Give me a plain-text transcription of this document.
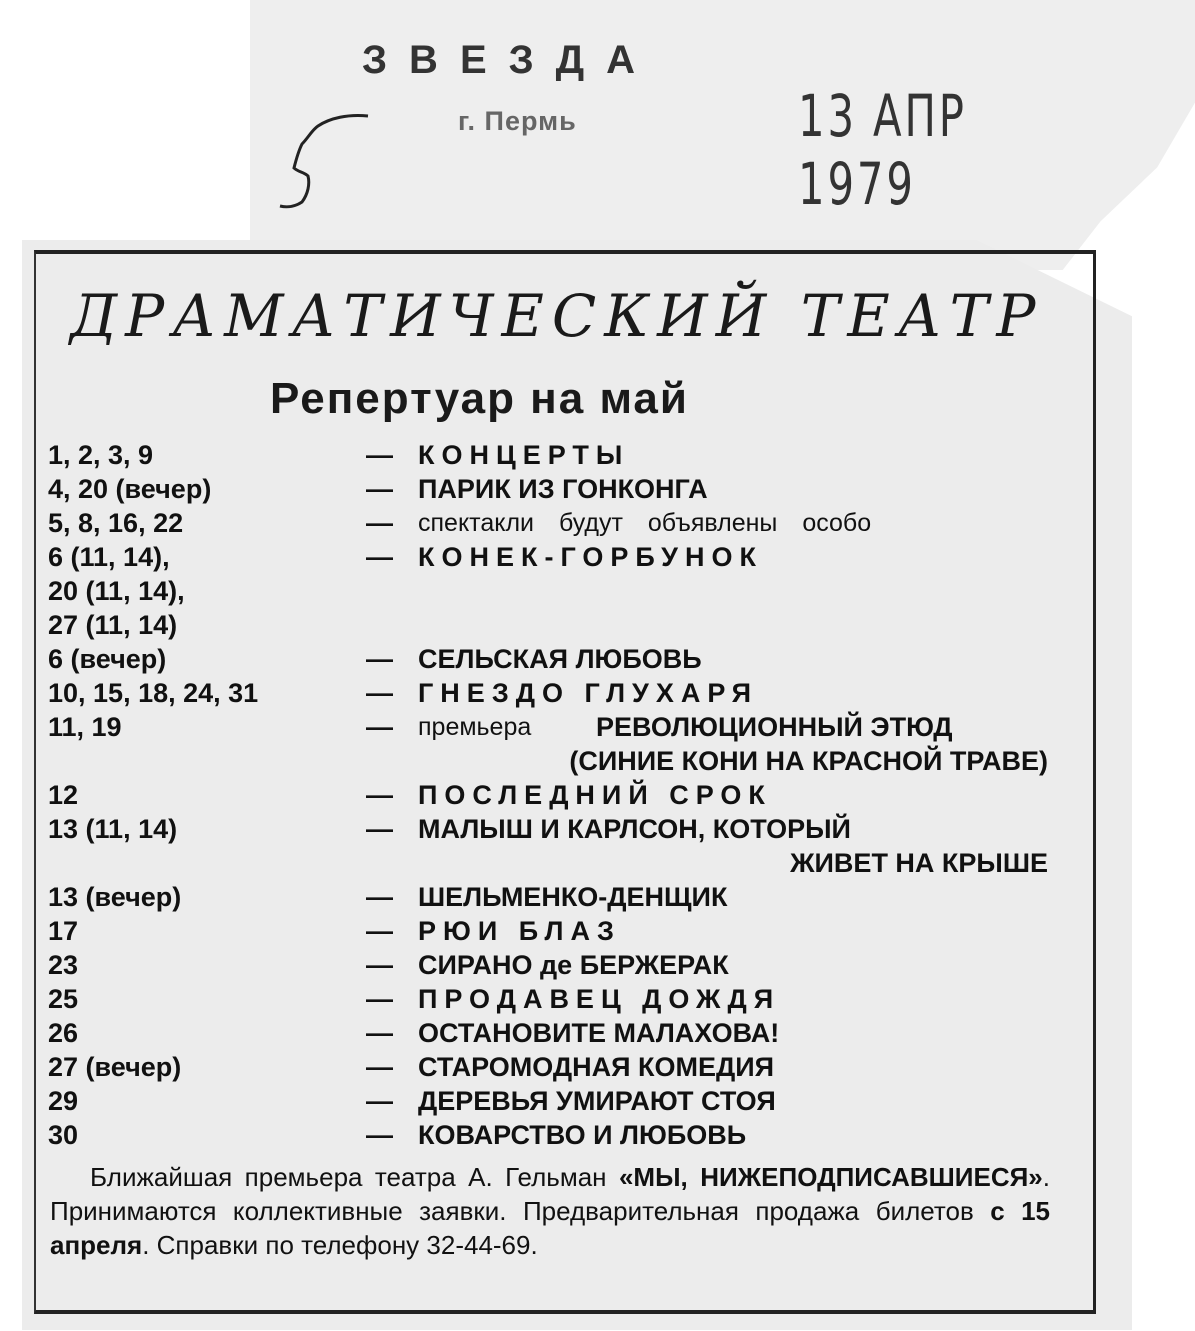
ЗВЕЗДА
г. Пермь	13 АПР 1979
ДРАМАТИЧЕСКИЙ ТЕАТР
Репертуар на май
1, 2, 3, 9	— КОНЦЕРТЫ
4, 20 (вечер)	— ПАРИК ИЗ ГОНКОНГА
5, 8, 16, 22	— спектакли будут объявлены особо
6 (11, 14),	— КОНЕК-ГОРБУНОК
20 (11, 14),
27 (11, 14)
6 (вечер)	— СЕЛЬСКАЯ ЛЮБОВЬ
10, 15, 18, 24, 31	— ГНЕЗДО ГЛУХАРЯ
11, 19	— премьера РЕВОЛЮЦИОННЫЙ ЭТЮД
(СИНИЕ КОНИ НА КРАСНОЙ ТРАВЕ)
12	— ПОСЛЕДНИЙ СРОК
13 (11, 14)	— МАЛЫШ И КАРЛСОН, КОТОРЫЙ
ЖИВЕТ НА КРЫШЕ
13 (вечер)	— ШЕЛЬМЕНКО-ДЕНЩИК
17	— РЮИ БЛАЗ
23	— СИРАНО де БЕРЖЕРАК
25	— ПРОДАВЕЦ ДОЖДЯ
26	— ОСТАНОВИТЕ МАЛАХОВА!
27 (вечер)	— СТАРОМОДНАЯ КОМЕДИЯ
29	— ДЕРЕВЬЯ УМИРАЮТ СТОЯ
30	— КОВАРСТВО И ЛЮБОВЬ

Ближайшая премьера театра А. Гельман «МЫ, НИЖЕПОДПИСАВШИЕСЯ». Принимаются коллективные заявки. Предварительная продажа билетов с 15 апреля. Справки по телефону 32-44-69.
